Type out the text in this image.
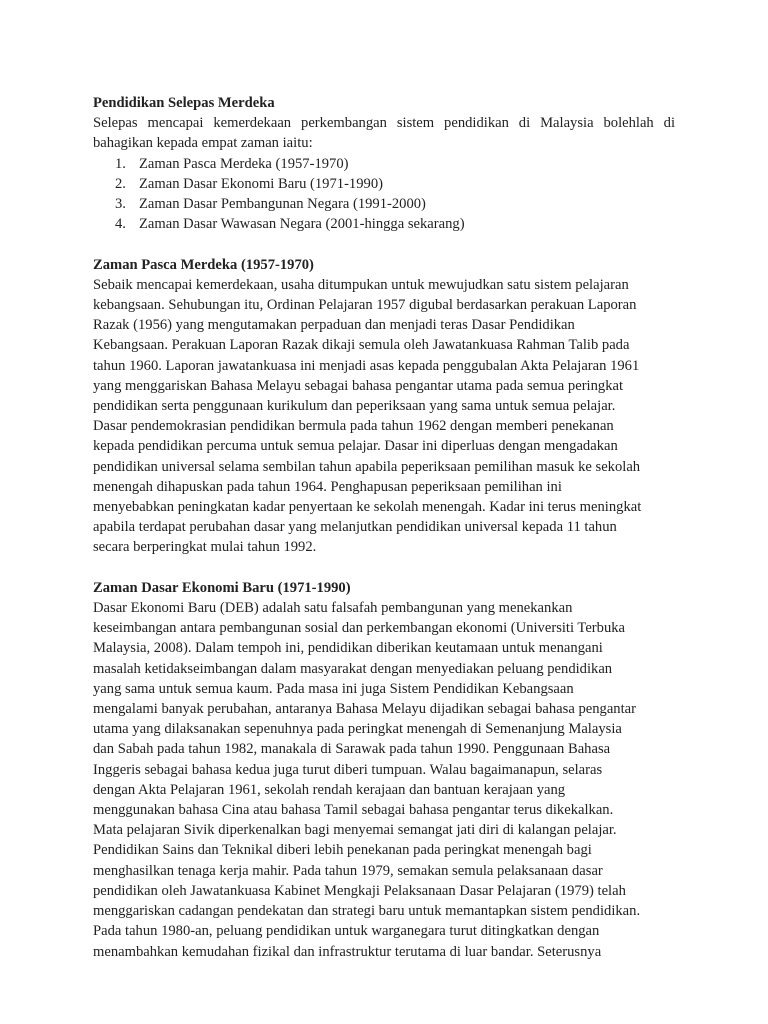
Pendidikan Selepas Merdeka

Selepas mencapai kemerdekaan perkembangan sistem pendidikan di Malaysia bolehlah di
bahagikan kepada empat zaman iaitu:
1. Zaman Pasca Merdeka (1957-1970)
2. Zaman Dasar Ekonomi Baru (1971-1990)
3. Zaman Dasar Pembangunan Negara (1991-2000)
4. Zaman Dasar Wawasan Negara (2001-hingga sekarang)

Zaman Pasca Merdeka (1957-1970)

Sebaik mencapai kemerdekaan, usaha ditumpukan untuk mewujudkan satu sistem pelajaran
kebangsaan. Sehubungan itu, Ordinan Pelajaran 1957 digubal berdasarkan perakuan Laporan
Razak (1956) yang mengutamakan perpaduan dan menjadi teras Dasar Pendidikan
Kebangsaan. Perakuan Laporan Razak dikaji semula oleh Jawatankuasa Rahman Talib pada
tahun 1960. Laporan jawatankuasa ini menjadi asas kepada penggubalan Akta Pelajaran 1961
yang menggariskan Bahasa Melayu sebagai bahasa pengantar utama pada semua peringkat
pendidikan serta penggunaan kurikulum dan peperiksaan yang sama untuk semua pelajar.
Dasar pendemokrasian pendidikan bermula pada tahun 1962 dengan memberi penekanan
kepada pendidikan percuma untuk semua pelajar. Dasar ini diperluas dengan mengadakan
pendidikan universal selama sembilan tahun apabila peperiksaan pemilihan masuk ke sekolah
menengah dihapuskan pada tahun 1964. Penghapusan peperiksaan pemilihan ini
menyebabkan peningkatan kadar penyertaan ke sekolah menengah. Kadar ini terus meningkat
apabila terdapat perubahan dasar yang melanjutkan pendidikan universal kepada 11 tahun
secara berperingkat mulai tahun 1992.

Zaman Dasar Ekonomi Baru (1971-1990)

Dasar Ekonomi Baru (DEB) adalah satu falsafah pembangunan yang menekankan
keseimbangan antara pembangunan sosial dan perkembangan ekonomi (Universiti Terbuka
Malaysia, 2008). Dalam tempoh ini, pendidikan diberikan keutamaan untuk menangani
masalah ketidakseimbangan dalam masyarakat dengan menyediakan peluang pendidikan
yang sama untuk semua kaum. Pada masa ini juga Sistem Pendidikan Kebangsaan
mengalami banyak perubahan, antaranya Bahasa Melayu dijadikan sebagai bahasa pengantar
utama yang dilaksanakan sepenuhnya pada peringkat menengah di Semenanjung Malaysia
dan Sabah pada tahun 1982, manakala di Sarawak pada tahun 1990. Penggunaan Bahasa
Inggeris sebagai bahasa kedua juga turut diberi tumpuan. Walau bagaimanapun, selaras
dengan Akta Pelajaran 1961, sekolah rendah kerajaan dan bantuan kerajaan yang
menggunakan bahasa Cina atau bahasa Tamil sebagai bahasa pengantar terus dikekalkan.
Mata pelajaran Sivik diperkenalkan bagi menyemai semangat jati diri di kalangan pelajar.
Pendidikan Sains dan Teknikal diberi lebih penekanan pada peringkat menengah bagi
menghasilkan tenaga kerja mahir. Pada tahun 1979, semakan semula pelaksanaan dasar
pendidikan oleh Jawatankuasa Kabinet Mengkaji Pelaksanaan Dasar Pelajaran (1979) telah
menggariskan cadangan pendekatan dan strategi baru untuk memantapkan sistem pendidikan.
Pada tahun 1980-an, peluang pendidikan untuk warganegara turut ditingkatkan dengan
menambahkan kemudahan fizikal dan infrastruktur terutama di luar bandar. Seterusnya
